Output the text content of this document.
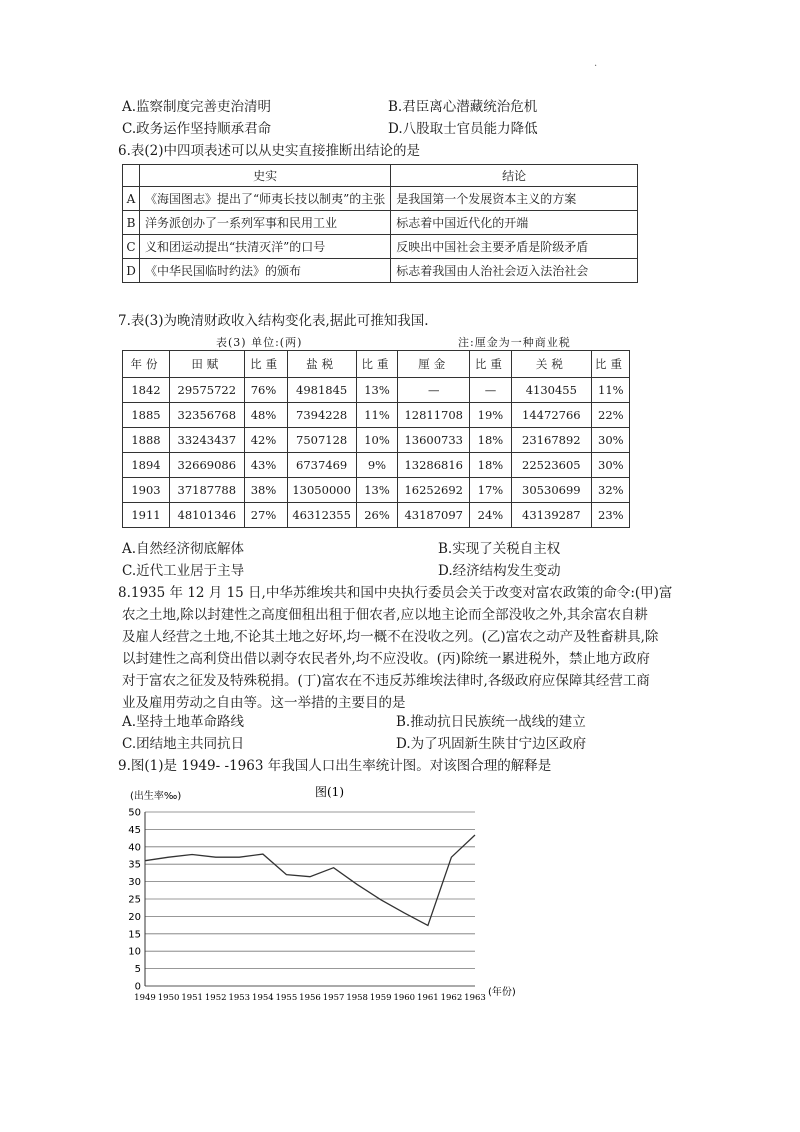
.
A.监察制度完善吏治清明	B.君臣离心潜藏统治危机
C.政务运作坚持顺承君命	D.八股取士官员能力降低
6.表(2)中四项表述可以从史实直接推断出结论的是
	史实	结论
A	《海国图志》提出了“师夷长技以制夷”的主张	是我国第一个发展资本主义的方案
B	洋务派创办了一系列军事和民用工业	标志着中国近代化的开端
C	义和团运动提出“扶清灭洋”的口号	反映出中国社会主要矛盾是阶级矛盾
D	《中华民国临时约法》的颁布	标志着我国由人治社会迈入法治社会
7.表(3)为晚清财政收入结构变化表,据此可推知我国.
表(3) 单位:(两)	注:厘金为一种商业税
年份	田赋	比重	盐税	比重	厘金	比重	关税	比重
1842	29575722	76%	4981845	13%	—	—	4130455	11%
1885	32356768	48%	7394228	11%	12811708	19%	14472766	22%
1888	33243437	42%	7507128	10%	13600733	18%	23167892	30%
1894	32669086	43%	6737469	9%	13286816	18%	22523605	30%
1903	37187788	38%	13050000	13%	16252692	17%	30530699	32%
1911	48101346	27%	46312355	26%	43187097	24%	43139287	23%
A.自然经济彻底解体	B.实现了关税自主权
C.近代工业居于主导	D.经济结构发生变动
8.1935 年 12 月 15 日,中华苏维埃共和国中央执行委员会关于改变对富农政策的命令:(甲)富
农之土地,除以封建性之高度佃租出租于佃农者,应以地主论而全部没收之外,其余富农自耕
及雇人经营之土地,不论其土地之好坏,均一概不在没收之列。(乙)富农之动产及牲畜耕具,除
以封建性之高利贷出借以剥夺农民者外,均不应没收。(丙)除统一累进税外，禁止地方政府
对于富农之征发及特殊税捐。(丁)富农在不违反苏维埃法律时,各级政府应保障其经营工商
业及雇用劳动之自由等。这一举措的主要目的是
A.坚持土地革命路线	B.推动抗日民族统一战线的建立
C.团结地主共同抗日	D.为了巩固新生陕甘宁边区政府
9.图(1)是 1949- -1963 年我国人口出生率统计图。对该图合理的解释是
图(1)
(出生率‰)
(年份)
0
5
10
15
20
25
30
35
40
45
50
1949 1950 1951 1952 1953 1954 1955 1956 1957 1958 1959 1960 1961 1962 1963
